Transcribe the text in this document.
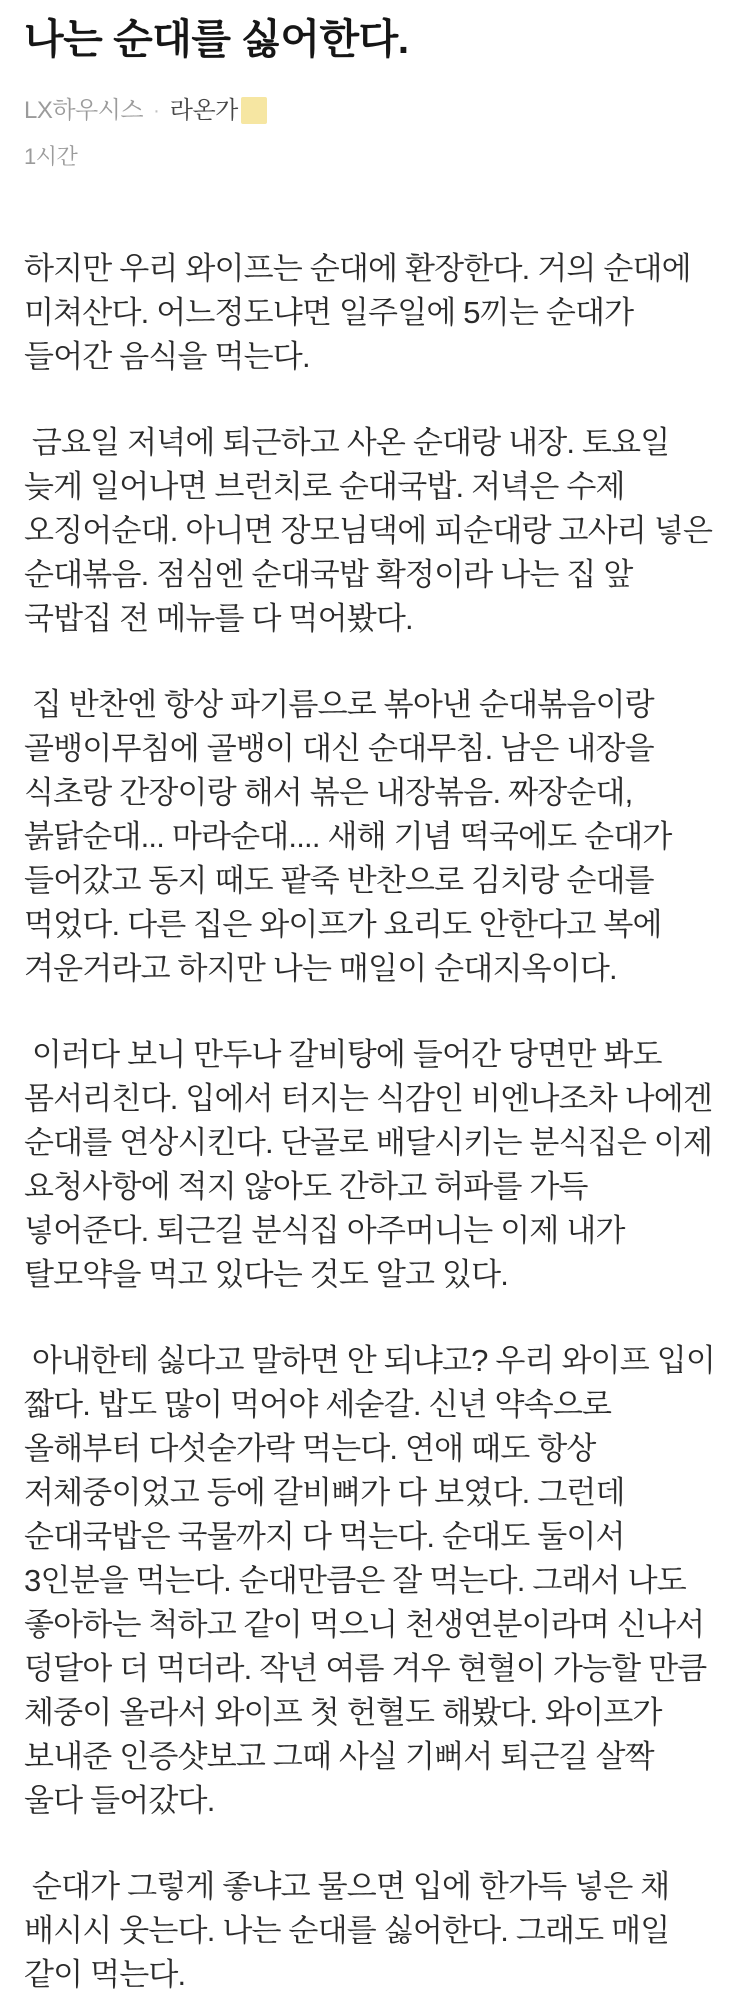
나는 순대를 싫어한다.
LX하우시스 · 라온가
1시간

하지만 우리 와이프는 순대에 환장한다. 거의 순대에 미쳐산다. 어느정도냐면 일주일에 5끼는 순대가 들어간 음식을 먹는다.

금요일 저녁에 퇴근하고 사온 순대랑 내장. 토요일 늦게 일어나면 브런치로 순대국밥. 저녁은 수제 오징어순대. 아니면 장모님댁에 피순대랑 고사리 넣은 순대볶음. 점심엔 순대국밥 확정이라 나는 집 앞 국밥집 전 메뉴를 다 먹어봤다.

집 반찬엔 항상 파기름으로 볶아낸 순대볶음이랑 골뱅이무침에 골뱅이 대신 순대무침. 남은 내장을 식초랑 간장이랑 해서 볶은 내장볶음. 짜장순대, 붉닭순대... 마라순대.... 새해 기념 떡국에도 순대가 들어갔고 동지 때도 팥죽 반찬으로 김치랑 순대를 먹었다. 다른 집은 와이프가 요리도 안한다고 복에 겨운거라고 하지만 나는 매일이 순대지옥이다.

이러다 보니 만두나 갈비탕에 들어간 당면만 봐도 몸서리친다. 입에서 터지는 식감인 비엔나조차 나에겐 순대를 연상시킨다. 단골로 배달시키는 분식집은 이제 요청사항에 적지 않아도 간하고 허파를 가득 넣어준다. 퇴근길 분식집 아주머니는 이제 내가 탈모약을 먹고 있다는 것도 알고 있다.

아내한테 싫다고 말하면 안 되냐고? 우리 와이프 입이 짧다. 밥도 많이 먹어야 세숟갈. 신년 약속으로 올해부터 다섯숟가락 먹는다. 연애 때도 항상 저체중이었고 등에 갈비뼈가 다 보였다. 그런데 순대국밥은 국물까지 다 먹는다. 순대도 둘이서 3인분을 먹는다. 순대만큼은 잘 먹는다. 그래서 나도 좋아하는 척하고 같이 먹으니 천생연분이라며 신나서 덩달아 더 먹더라. 작년 여름 겨우 현혈이 가능할 만큼 체중이 올라서 와이프 첫 헌혈도 해봤다. 와이프가 보내준 인증샷보고 그때 사실 기뻐서 퇴근길 살짝 울다 들어갔다.

순대가 그렇게 좋냐고 물으면 입에 한가득 넣은 채 배시시 웃는다. 나는 순대를 싫어한다. 그래도 매일 같이 먹는다.
